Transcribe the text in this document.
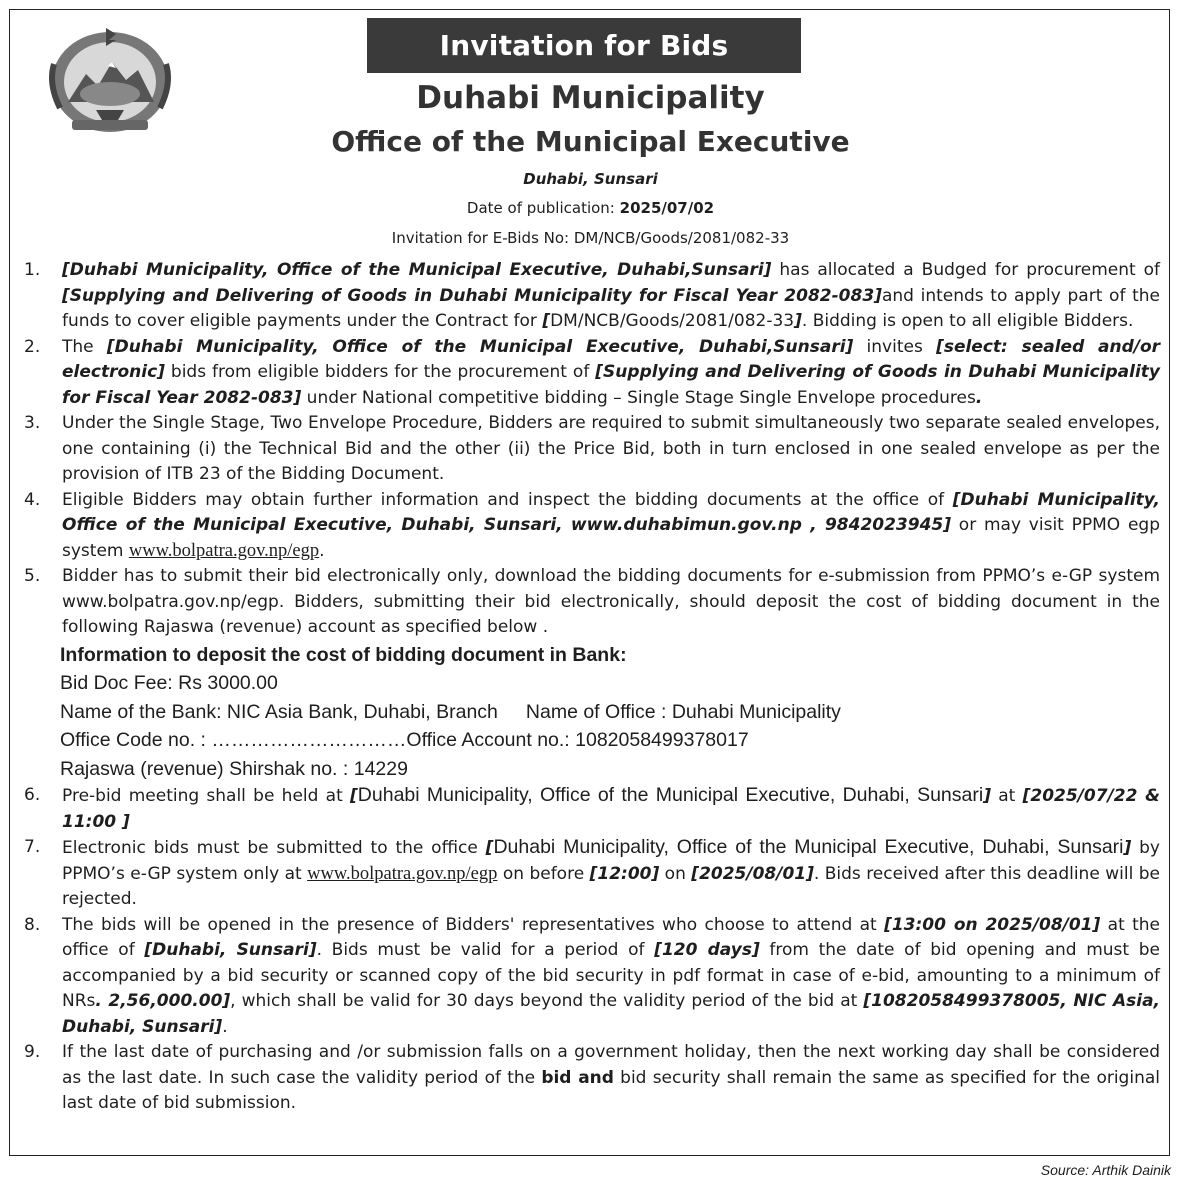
Invitation for Bids
Duhabi Municipality
Office of the Municipal Executive
Duhabi, Sunsari
Date of publication: 2025/07/02
Invitation for E-Bids No: DM/NCB/Goods/2081/082-33
1.	[Duhabi Municipality, Office of the Municipal Executive, Duhabi,Sunsari] has allocated a Budged for procurement of [Supplying and Delivering of Goods in Duhabi Municipality for Fiscal Year 2082-083]and intends to apply part of the funds to cover eligible payments under the Contract for [DM/NCB/Goods/2081/082-33]. Bidding is open to all eligible Bidders.
2.	The [Duhabi Municipality, Office of the Municipal Executive, Duhabi,Sunsari] invites [select: sealed and/or electronic] bids from eligible bidders for the procurement of [Supplying and Delivering of Goods in Duhabi Municipality for Fiscal Year 2082-083] under National competitive bidding – Single Stage Single Envelope procedures.
3.	Under the Single Stage, Two Envelope Procedure, Bidders are required to submit simultaneously two separate sealed envelopes, one containing (i) the Technical Bid and the other (ii) the Price Bid, both in turn enclosed in one sealed envelope as per the provision of ITB 23 of the Bidding Document.
4.	Eligible Bidders may obtain further information and inspect the bidding documents at the office of [Duhabi Municipality, Office of the Municipal Executive, Duhabi, Sunsari, www.duhabimun.gov.np , 9842023945] or may visit PPMO egp system www.bolpatra.gov.np/egp.
5.	Bidder has to submit their bid electronically only, download the bidding documents for e-submission from PPMO’s e-GP system www.bolpatra.gov.np/egp. Bidders, submitting their bid electronically, should deposit the cost of bidding document in the following Rajaswa (revenue) account as specified below .
Information to deposit the cost of bidding document in Bank:
Bid Doc Fee: Rs 3000.00
Name of the Bank: NIC Asia Bank, Duhabi, Branch Name of Office : Duhabi Municipality
Office Code no. : …………………………Office Account no.: 1082058499378017
Rajaswa (revenue) Shirshak no. : 14229
6.	Pre-bid meeting shall be held at [Duhabi Municipality, Office of the Municipal Executive, Duhabi, Sunsari] at [2025/07/22 & 11:00 ]
7.	Electronic bids must be submitted to the office [Duhabi Municipality, Office of the Municipal Executive, Duhabi, Sunsari] by PPMO’s e-GP system only at www.bolpatra.gov.np/egp on before [12:00] on [2025/08/01]. Bids received after this deadline will be rejected.
8.	The bids will be opened in the presence of Bidders' representatives who choose to attend at [13:00 on 2025/08/01] at the office of [Duhabi, Sunsari]. Bids must be valid for a period of [120 days] from the date of bid opening and must be accompanied by a bid security or scanned copy of the bid security in pdf format in case of e-bid, amounting to a minimum of NRs. 2,56,000.00], which shall be valid for 30 days beyond the validity period of the bid at [1082058499378005, NIC Asia, Duhabi, Sunsari].
9.	If the last date of purchasing and /or submission falls on a government holiday, then the next working day shall be considered as the last date. In such case the validity period of the bid and bid security shall remain the same as specified for the original last date of bid submission.
Source: Arthik Dainik
